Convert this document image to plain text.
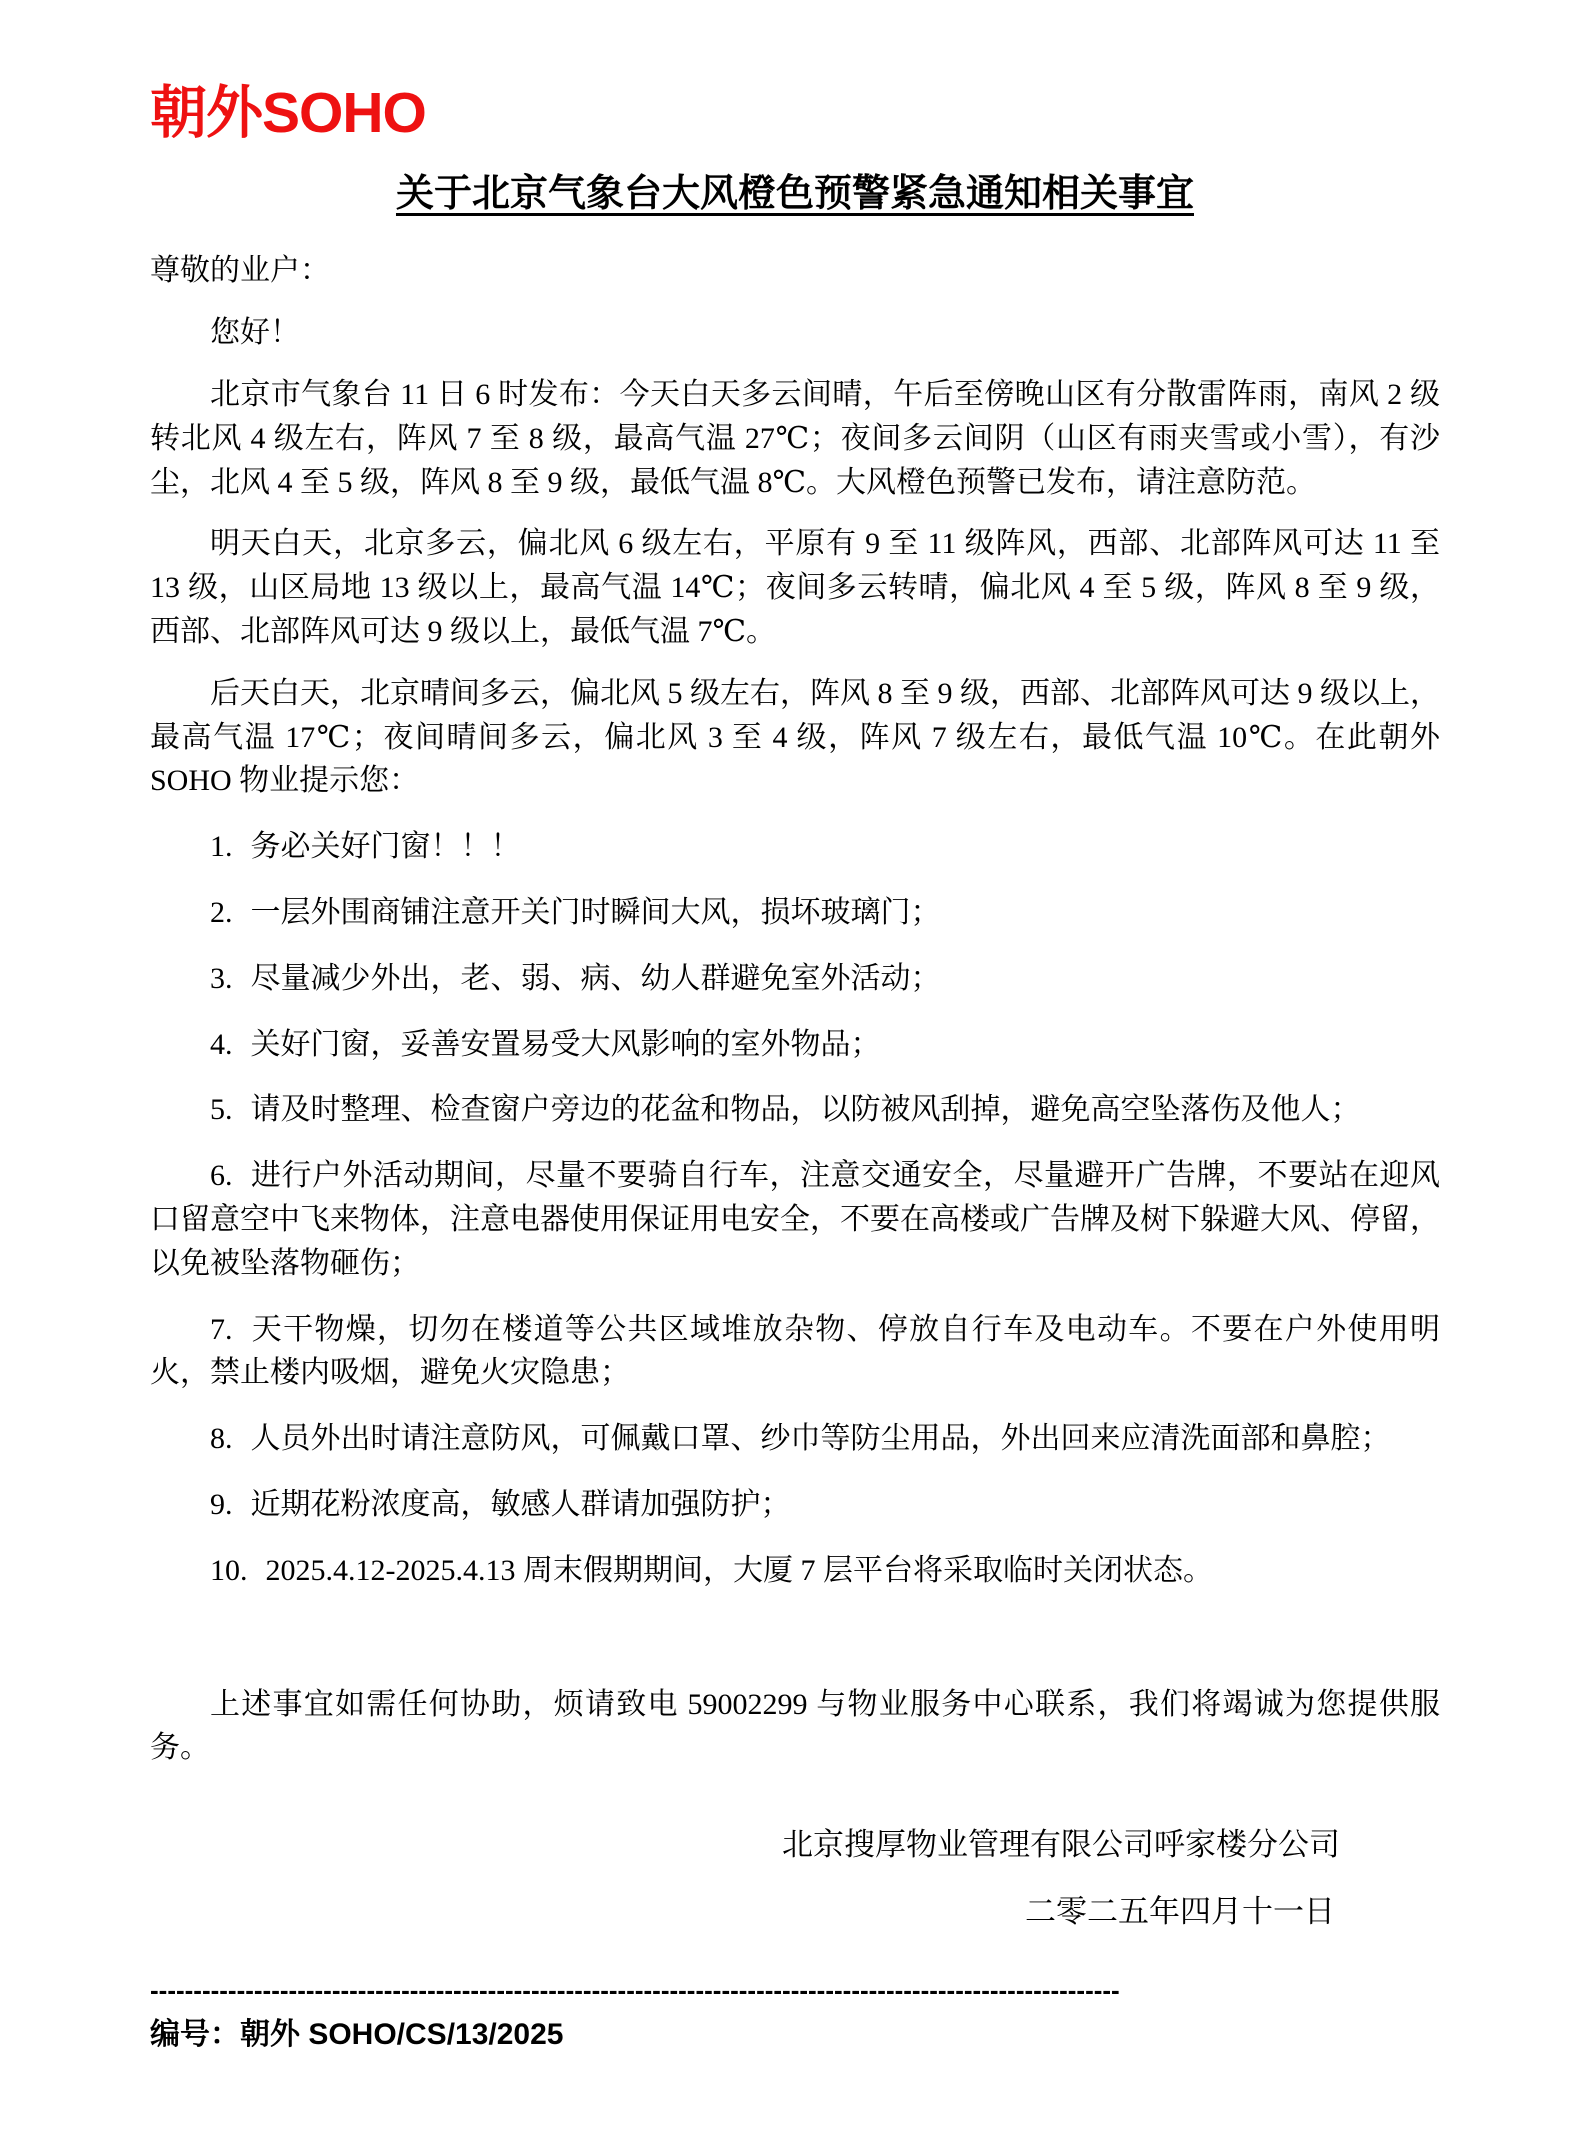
朝外SOHO
关于北京气象台大风橙色预警紧急通知相关事宜

尊敬的业户：

您好！

北京市气象台 11 日 6 时发布：今天白天多云间晴，午后至傍晚山区有分散雷阵雨，南风 2 级转北风 4 级左右，阵风 7 至 8 级，最高气温 27℃；夜间多云间阴（山区有雨夹雪或小雪），有沙尘，北风 4 至 5 级，阵风 8 至 9 级，最低气温 8℃。大风橙色预警已发布，请注意防范。

明天白天，北京多云，偏北风 6 级左右，平原有 9 至 11 级阵风，西部、北部阵风可达 11 至 13 级，山区局地 13 级以上，最高气温 14℃；夜间多云转晴，偏北风 4 至 5 级，阵风 8 至 9 级，西部、北部阵风可达 9 级以上，最低气温 7℃。

后天白天，北京晴间多云，偏北风 5 级左右，阵风 8 至 9 级，西部、北部阵风可达 9 级以上，最高气温 17℃；夜间晴间多云，偏北风 3 至 4 级，阵风 7 级左右，最低气温 10℃。在此朝外 SOHO 物业提示您：

1. 务必关好门窗！！！

2. 一层外围商铺注意开关门时瞬间大风，损坏玻璃门；

3. 尽量减少外出，老、弱、病、幼人群避免室外活动；

4. 关好门窗，妥善安置易受大风影响的室外物品；

5. 请及时整理、检查窗户旁边的花盆和物品，以防被风刮掉，避免高空坠落伤及他人；

6. 进行户外活动期间，尽量不要骑自行车，注意交通安全，尽量避开广告牌，不要站在迎风口留意空中飞来物体，注意电器使用保证用电安全，不要在高楼或广告牌及树下躲避大风、停留，以免被坠落物砸伤；

7. 天干物燥，切勿在楼道等公共区域堆放杂物、停放自行车及电动车。不要在户外使用明火，禁止楼内吸烟，避免火灾隐患；

8. 人员外出时请注意防风，可佩戴口罩、纱巾等防尘用品，外出回来应清洗面部和鼻腔；

9. 近期花粉浓度高，敏感人群请加强防护；

10. 2025.4.12-2025.4.13 周末假期期间，大厦 7 层平台将采取临时关闭状态。

上述事宜如需任何协助，烦请致电 59002299 与物业服务中心联系，我们将竭诚为您提供服务。

北京搜厚物业管理有限公司呼家楼分公司

二零二五年四月十一日

----------------------------------------------------------------------------------------------------------------

编号：朝外 SOHO/CS/13/2025
